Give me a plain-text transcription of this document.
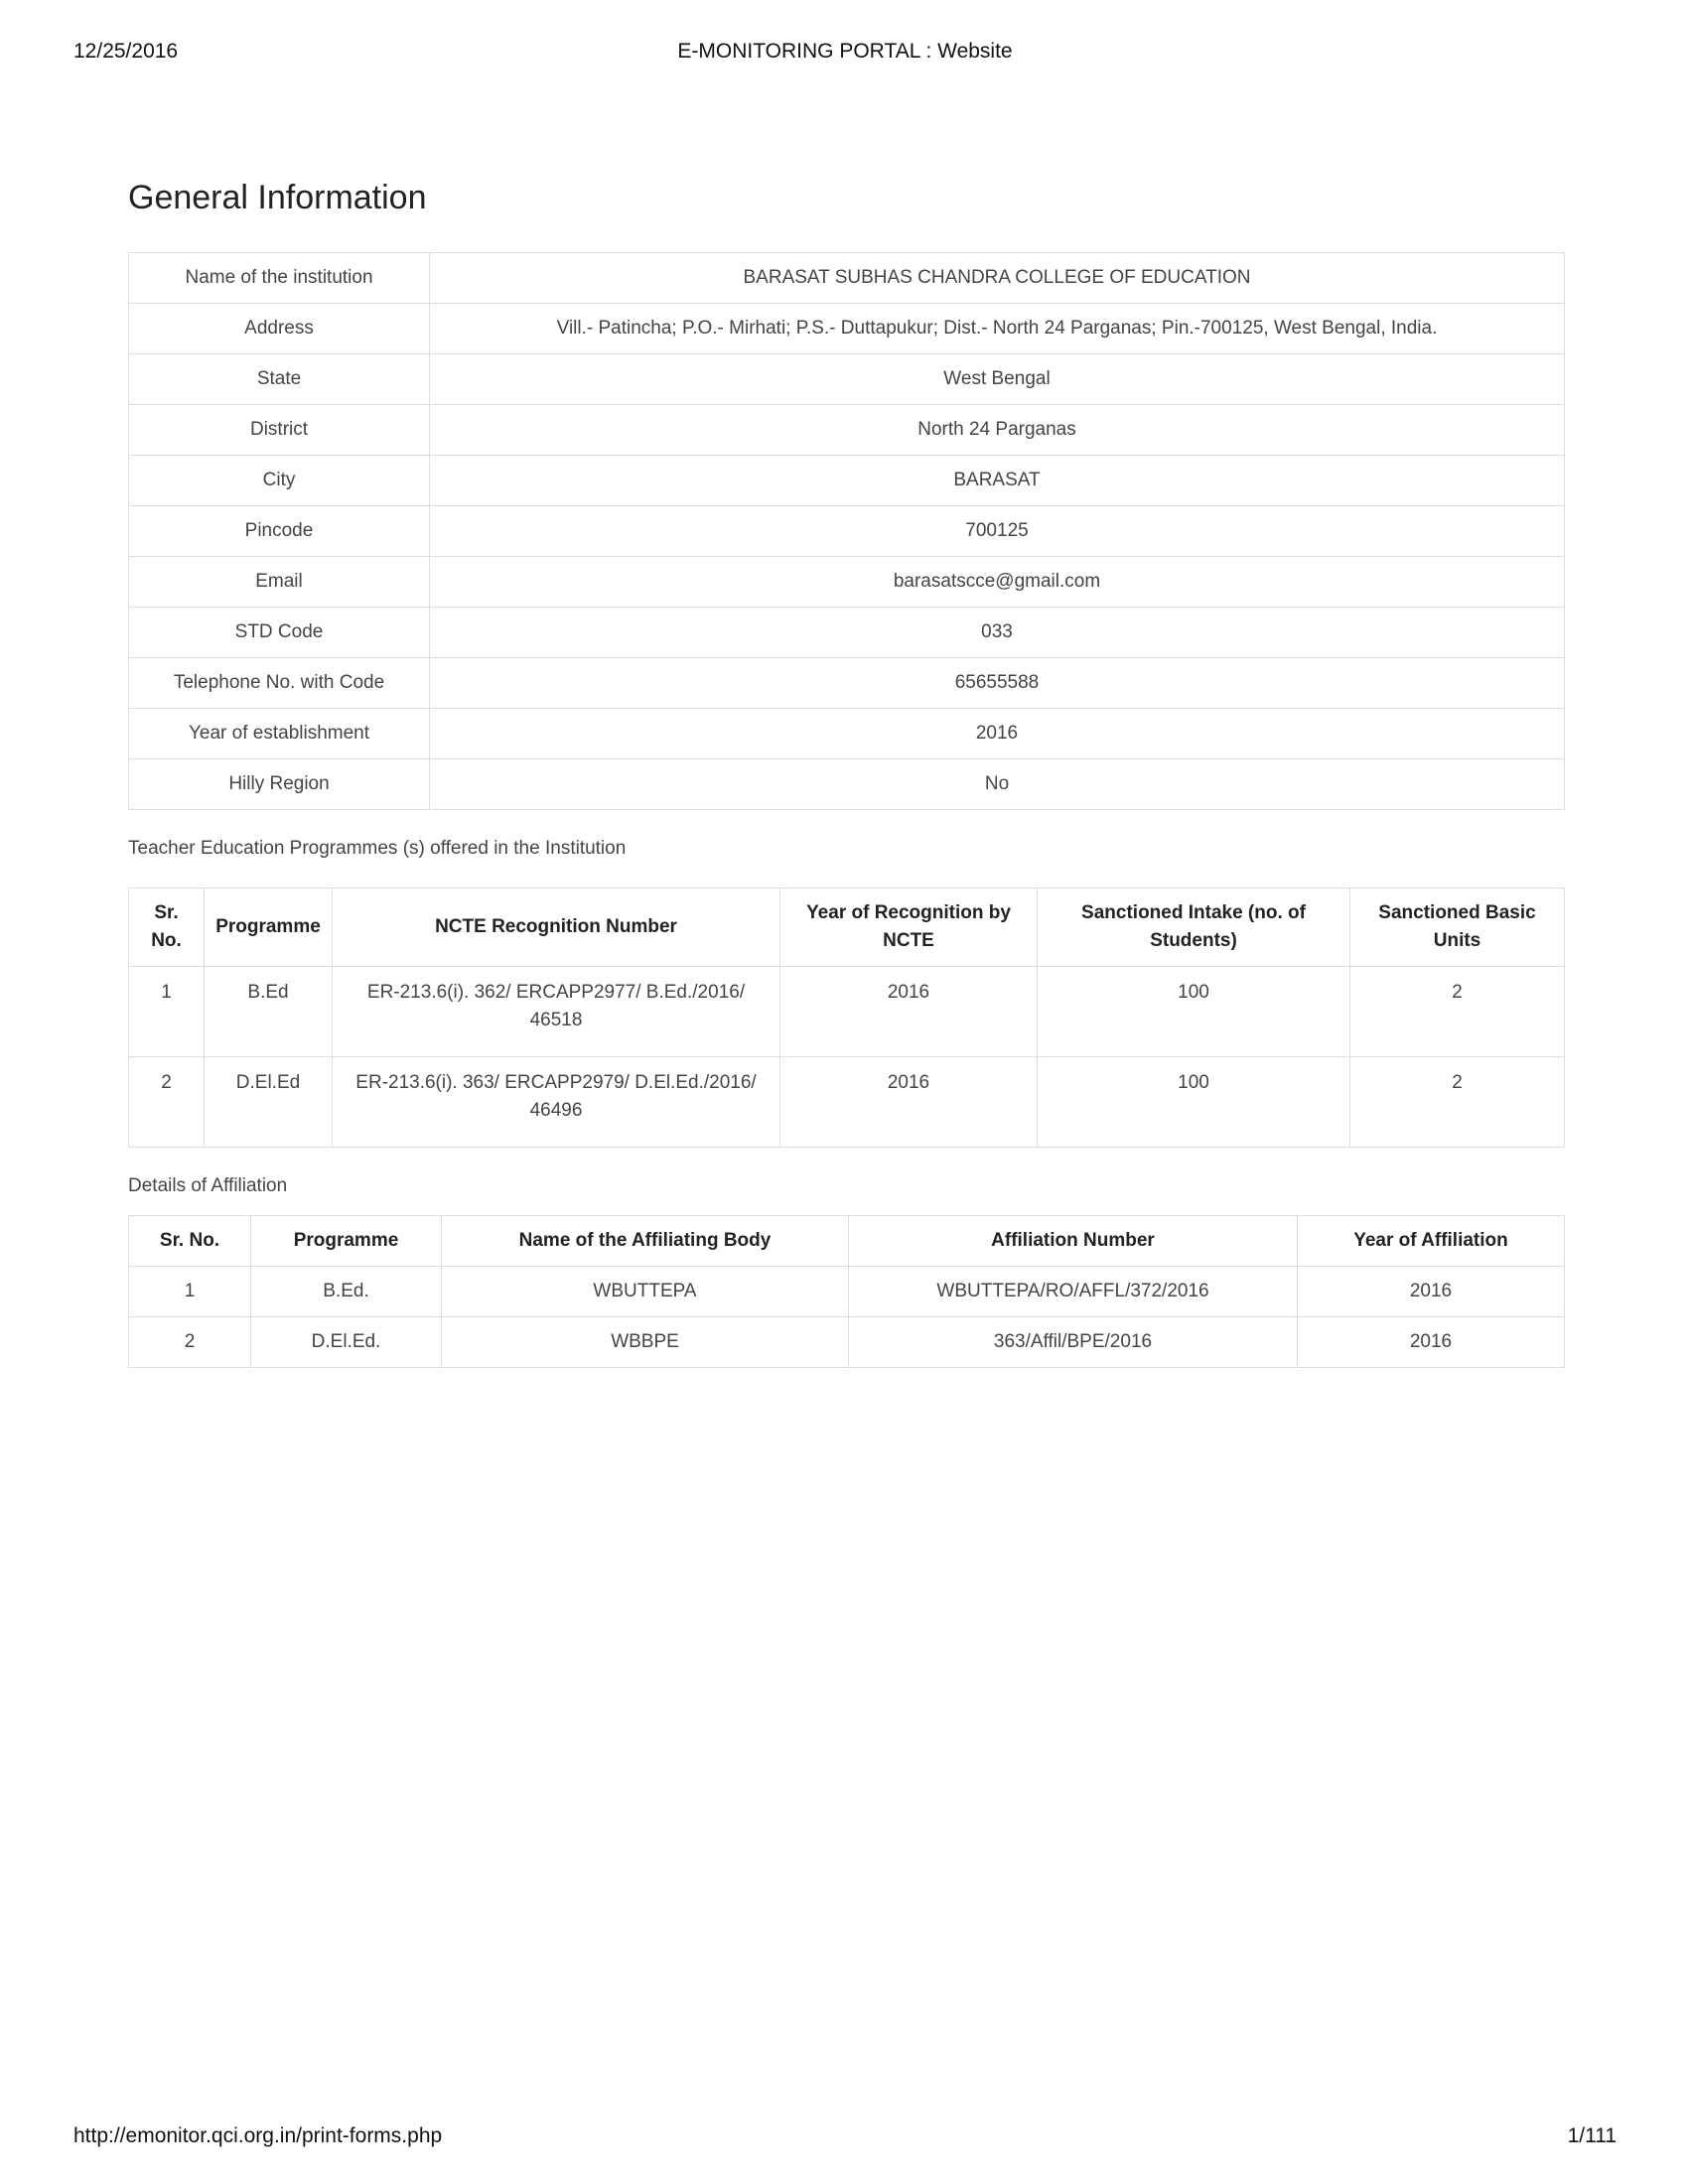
12/25/2016	E-MONITORING PORTAL : Website
General Information
Name of the institution	BARASAT SUBHAS CHANDRA COLLEGE OF EDUCATION
Address	Vill.- Patincha; P.O.- Mirhati; P.S.- Duttapukur; Dist.- North 24 Parganas; Pin.-700125, West Bengal, India.
State	West Bengal
District	North 24 Parganas
City	BARASAT
Pincode	700125
Email	barasatscce@gmail.com
STD Code	033
Telephone No. with Code	65655588
Year of establishment	2016
Hilly Region	No

Teacher Education Programmes (s) offered in the Institution

Sr. No.	Programme	NCTE Recognition Number	Year of Recognition by NCTE	Sanctioned Intake (no. of Students)	Sanctioned Basic Units
1	B.Ed	ER-213.6(i). 362/ ERCAPP2977/ B.Ed./2016/ 46518	2016	100	2
2	D.El.Ed	ER-213.6(i). 363/ ERCAPP2979/ D.El.Ed./2016/ 46496	2016	100	2

Details of Affiliation

Sr. No.	Programme	Name of the Affiliating Body	Affiliation Number	Year of Affiliation
1	B.Ed.	WBUTTEPA	WBUTTEPA/RO/AFFL/372/2016	2016
2	D.El.Ed.	WBBPE	363/Affil/BPE/2016	2016
http://emonitor.qci.org.in/print-forms.php	1/111
